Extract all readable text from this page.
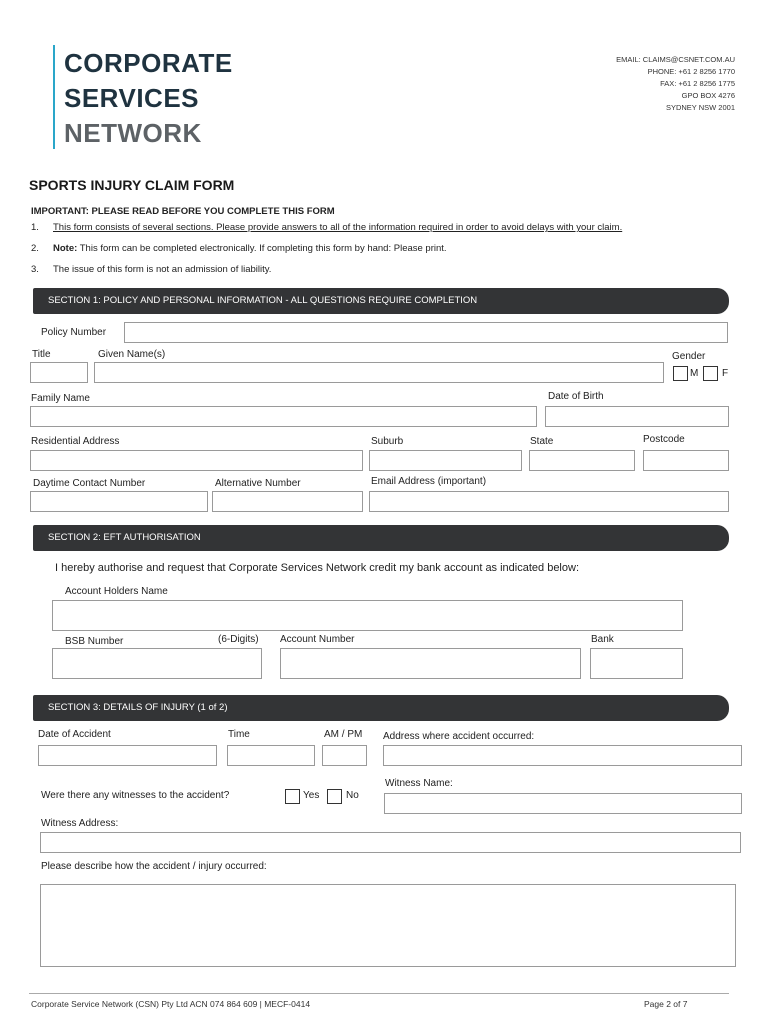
CORPORATE
SERVICES
NETWORK
EMAIL: CLAIMS@CSNET.COM.AU
PHONE: +61 2 8256 1770
FAX: +61 2 8256 1775
GPO BOX 4276
SYDNEY NSW 2001
SPORTS INJURY CLAIM FORM
IMPORTANT: PLEASE READ BEFORE YOU COMPLETE THIS FORM
1. This form consists of several sections. Please provide answers to all of the information required in order to avoid delays with your claim.
2. Note: This form can be completed electronically. If completing this form by hand: Please print.
3. The issue of this form is not an admission of liability.
SECTION 1: POLICY AND PERSONAL INFORMATION - ALL QUESTIONS REQUIRE COMPLETION
Policy Number
Title	Given Name(s)	Gender
M F
Family Name	Date of Birth
Residential Address	Suburb	State	Postcode
Daytime Contact Number	Alternative Number	Email Address (important)
SECTION 2: EFT AUTHORISATION
I hereby authorise and request that Corporate Services Network credit my bank account as indicated below:
Account Holders Name
BSB Number	(6-Digits) Account Number	Bank
SECTION 3: DETAILS OF INJURY (1 of 2)
Date of Accident	Time	AM / PM Address where accident occurred:
Witness Name:
Were there any witnesses to the accident?	Yes	No
Witness Address:
Please describe how the accident / injury occurred:
Corporate Service Network (CSN) Pty Ltd ACN 074 864 609 | MECF-0414	Page 2 of 7
